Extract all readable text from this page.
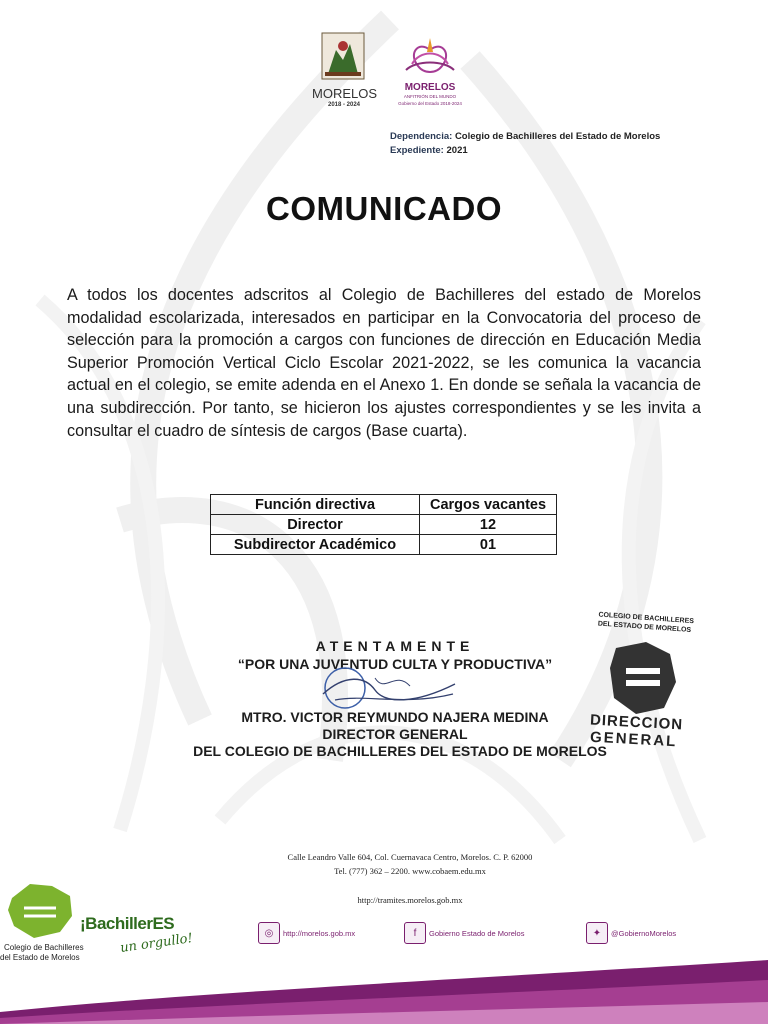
MORELOS
2018 - 2024
MORELOS
ANFITRIÓN DEL MUNDO
Gobierno del Estado 2018-2024
Dependencia: Colegio de Bachilleres del Estado de Morelos
Expediente: 2021
COMUNICADO
A todos los docentes adscritos al Colegio de Bachilleres del estado de Morelos modalidad escolarizada, interesados en participar en la Convocatoria del proceso de selección para la promoción a cargos con funciones de dirección en Educación Media Superior Promoción Vertical Ciclo Escolar 2021-2022, se les comunica la vacancia actual en el colegio, se emite adenda en el Anexo 1. En donde se señala la vacancia de una subdirección. Por tanto, se hicieron los ajustes correspondientes y se les invita a consultar el cuadro de síntesis de cargos (Base cuarta).
Función directiva	Cargos vacantes
Director	12
Subdirector Académico	01
ATENTAMENTE
“POR UNA JUVENTUD CULTA Y PRODUCTIVA”
MTRO. VICTOR REYMUNDO NAJERA MEDINA
DIRECTOR GENERAL
DEL COLEGIO DE BACHILLERES DEL ESTADO DE MORELOS
COLEGIO DE BACHILLERES DEL ESTADO DE MORELOS
DIRECCION
GENERAL
Calle Leandro Valle 604, Col. Cuernavaca Centro, Morelos. C. P. 62000
Tel. (777) 362 – 2200. www.cobaem.edu.mx
http://tramites.morelos.gob.mx
Colegio de Bachilleres
del Estado de Morelos
¡BachillerES
un orgullo!	◎	http://morelos.gob.mx	f	Gobierno Estado de Morelos	✦	@GobiernoMorelos
